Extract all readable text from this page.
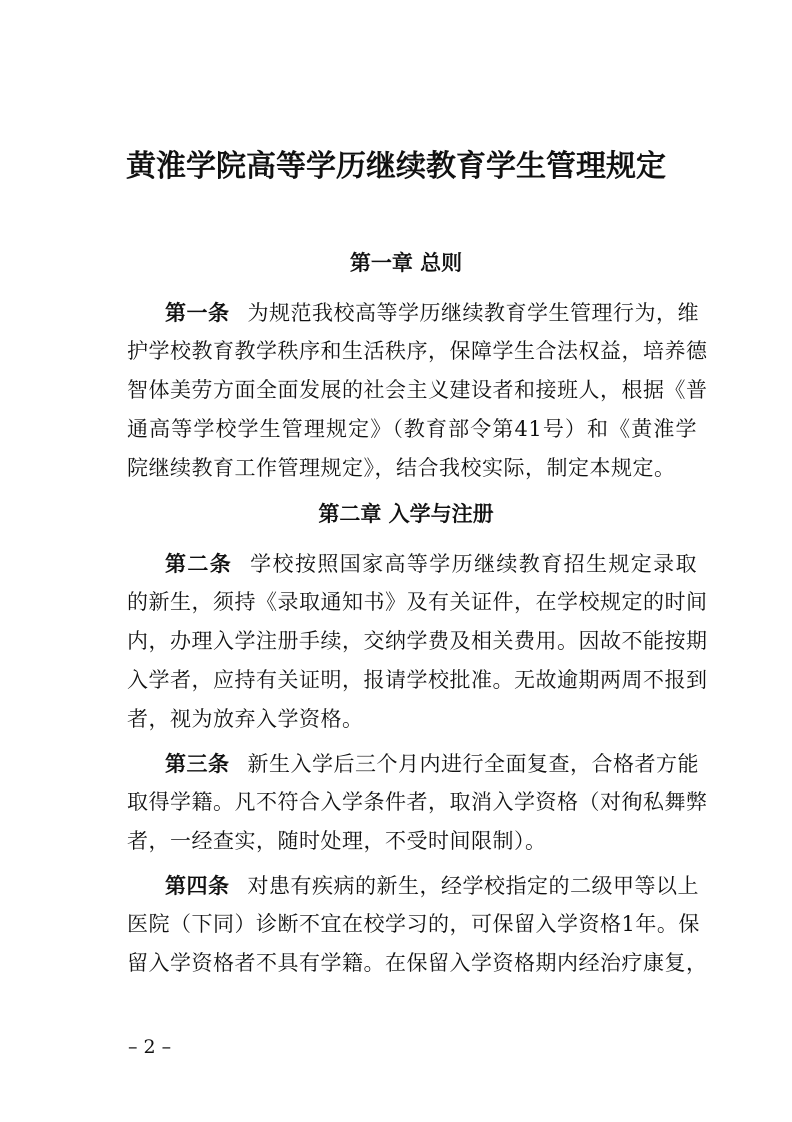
黄淮学院高等学历继续教育学生管理规定
第一章 总则
第一条 为规范我校高等学历继续教育学生管理行为，维
护学校教育教学秩序和生活秩序，保障学生合法权益，培养德
智体美劳方面全面发展的社会主义建设者和接班人，根据《普
通高等学校学生管理规定》（教育部令第41号）和《黄淮学
院继续教育工作管理规定》，结合我校实际，制定本规定。
第二章 入学与注册
第二条 学校按照国家高等学历继续教育招生规定录取
的新生，须持《录取通知书》及有关证件，在学校规定的时间
内，办理入学注册手续，交纳学费及相关费用。因故不能按期
入学者，应持有关证明，报请学校批准。无故逾期两周不报到
者，视为放弃入学资格。
第三条 新生入学后三个月内进行全面复查，合格者方能
取得学籍。凡不符合入学条件者，取消入学资格（对徇私舞弊
者，一经查实，随时处理，不受时间限制）。
第四条 对患有疾病的新生，经学校指定的二级甲等以上
医院（下同）诊断不宜在校学习的，可保留入学资格1年。保
留入学资格者不具有学籍。在保留入学资格期内经治疗康复，
– 2 –
